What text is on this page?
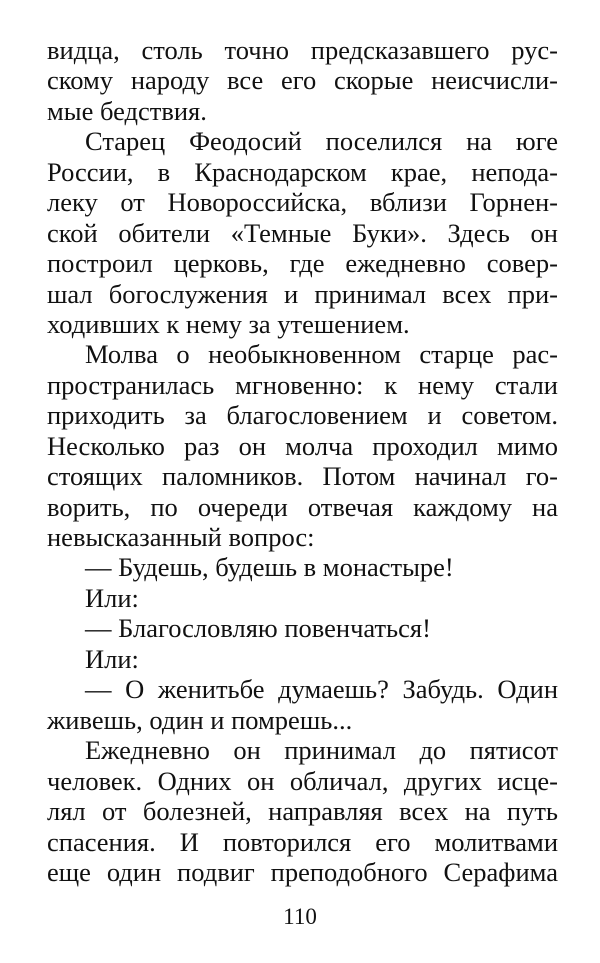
видца, столь точно предсказавшего рус-
скому народу все его скорые неисчисли-
мые бедствия.
Старец Феодосий поселился на юге
России, в Краснодарском крае, непода-
леку от Новороссийска, вблизи Горнен-
ской обители «Темные Буки». Здесь он
построил церковь, где ежедневно совер-
шал богослужения и принимал всех при-
ходивших к нему за утешением.
Молва о необыкновенном старце рас-
пространилась мгновенно: к нему стали
приходить за благословением и советом.
Несколько раз он молча проходил мимо
стоящих паломников. Потом начинал го-
ворить, по очереди отвечая каждому на
невысказанный вопрос:
— Будешь, будешь в монастыре!
Или:
— Благословляю повенчаться!
Или:
— О женитьбе думаешь? Забудь. Один
живешь, один и помрешь...
Ежедневно он принимал до пятисот
человек. Одних он обличал, других исце-
лял от болезней, направляя всех на путь
спасения. И повторился его молитвами
еще один подвиг преподобного Серафима
110
